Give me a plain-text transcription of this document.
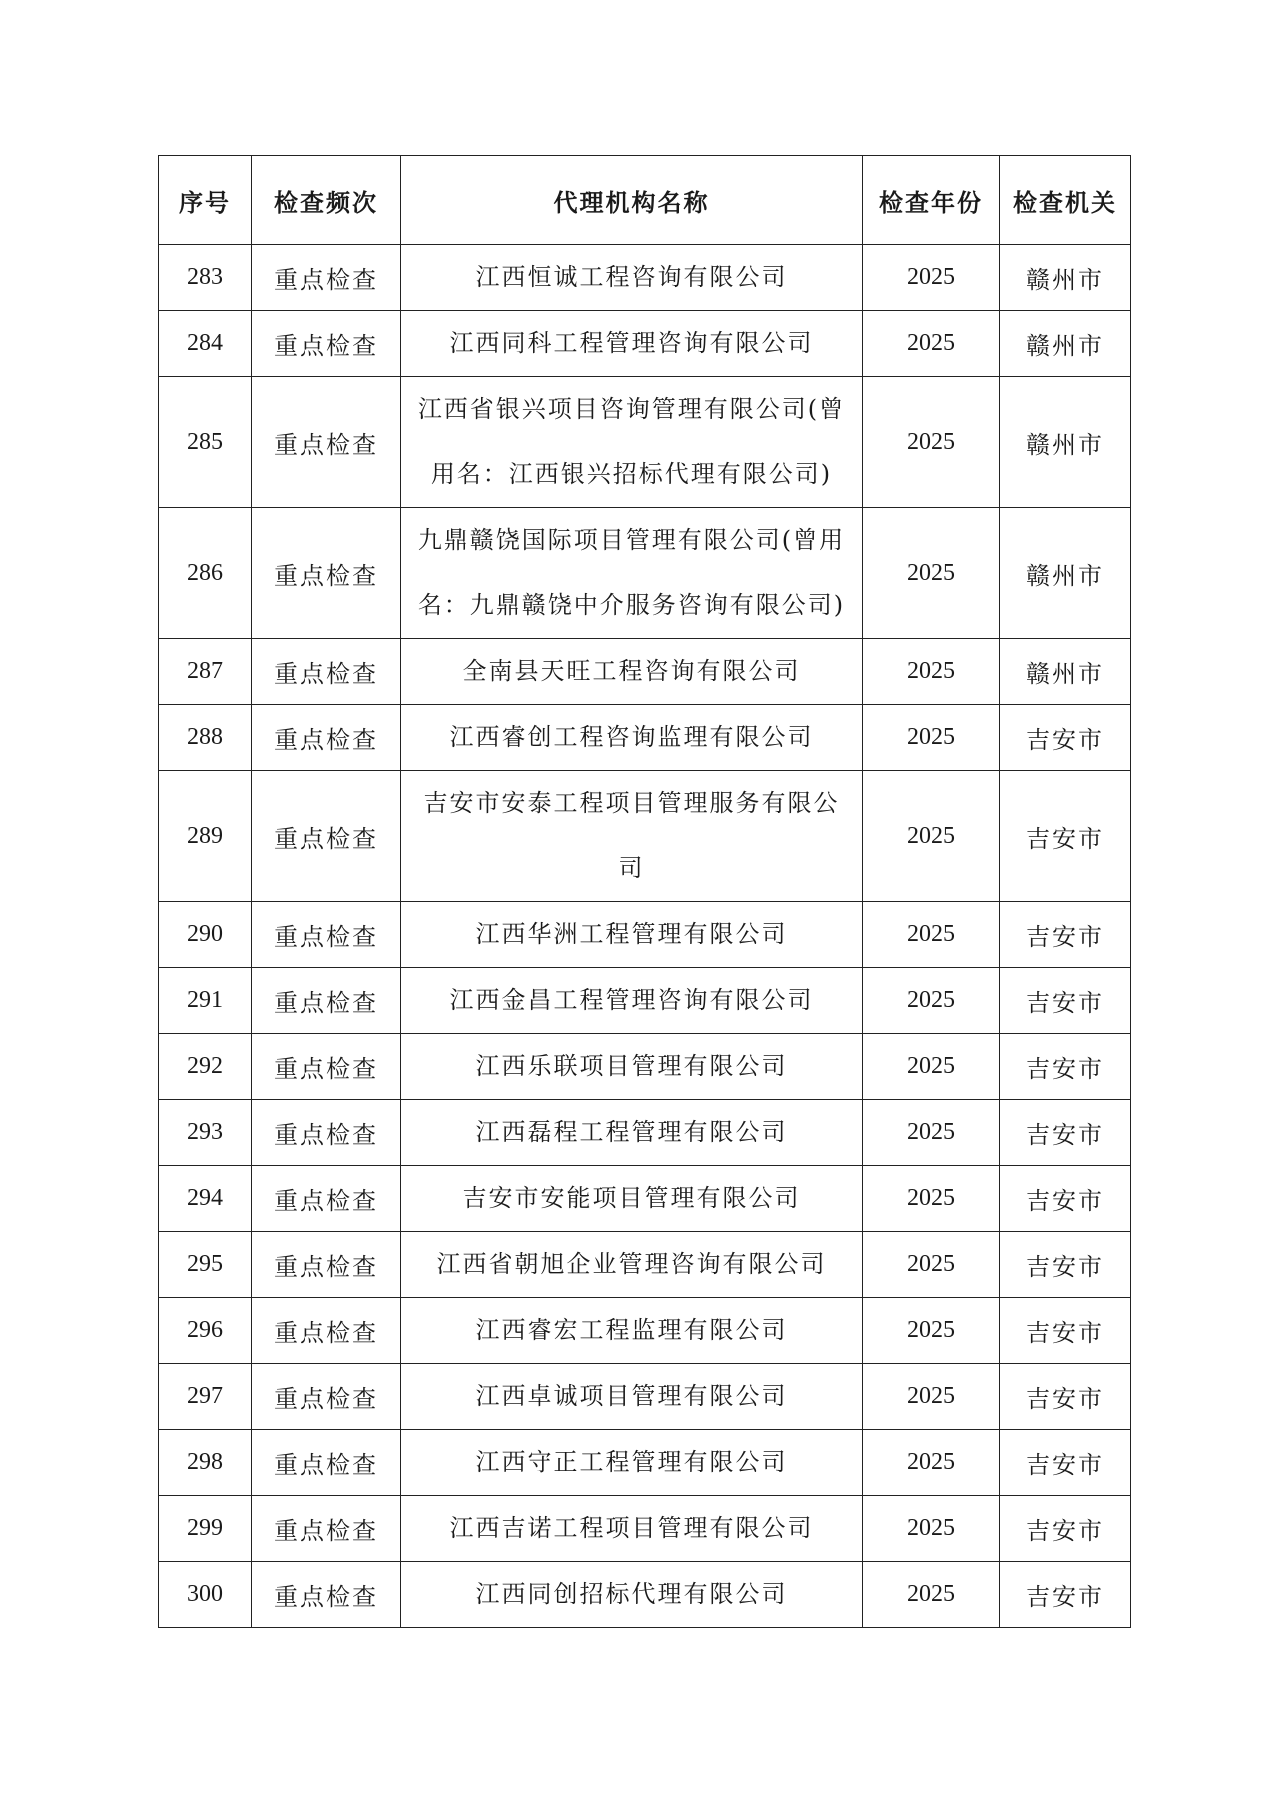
序号	检查频次	代理机构名称	检查年份	检查机关
283	重点检查	江西恒诚工程咨询有限公司	2025	赣州市
284	重点检查	江西同科工程管理咨询有限公司	2025	赣州市
285	重点检查	江西省银兴项目咨询管理有限公司(曾用名：江西银兴招标代理有限公司)	2025	赣州市
286	重点检查	九鼎赣饶国际项目管理有限公司(曾用名：九鼎赣饶中介服务咨询有限公司)	2025	赣州市
287	重点检查	全南县天旺工程咨询有限公司	2025	赣州市
288	重点检查	江西睿创工程咨询监理有限公司	2025	吉安市
289	重点检查	吉安市安泰工程项目管理服务有限公司	2025	吉安市
290	重点检查	江西华洲工程管理有限公司	2025	吉安市
291	重点检查	江西金昌工程管理咨询有限公司	2025	吉安市
292	重点检查	江西乐联项目管理有限公司	2025	吉安市
293	重点检查	江西磊程工程管理有限公司	2025	吉安市
294	重点检查	吉安市安能项目管理有限公司	2025	吉安市
295	重点检查	江西省朝旭企业管理咨询有限公司	2025	吉安市
296	重点检查	江西睿宏工程监理有限公司	2025	吉安市
297	重点检查	江西卓诚项目管理有限公司	2025	吉安市
298	重点检查	江西守正工程管理有限公司	2025	吉安市
299	重点检查	江西吉诺工程项目管理有限公司	2025	吉安市
300	重点检查	江西同创招标代理有限公司	2025	吉安市
